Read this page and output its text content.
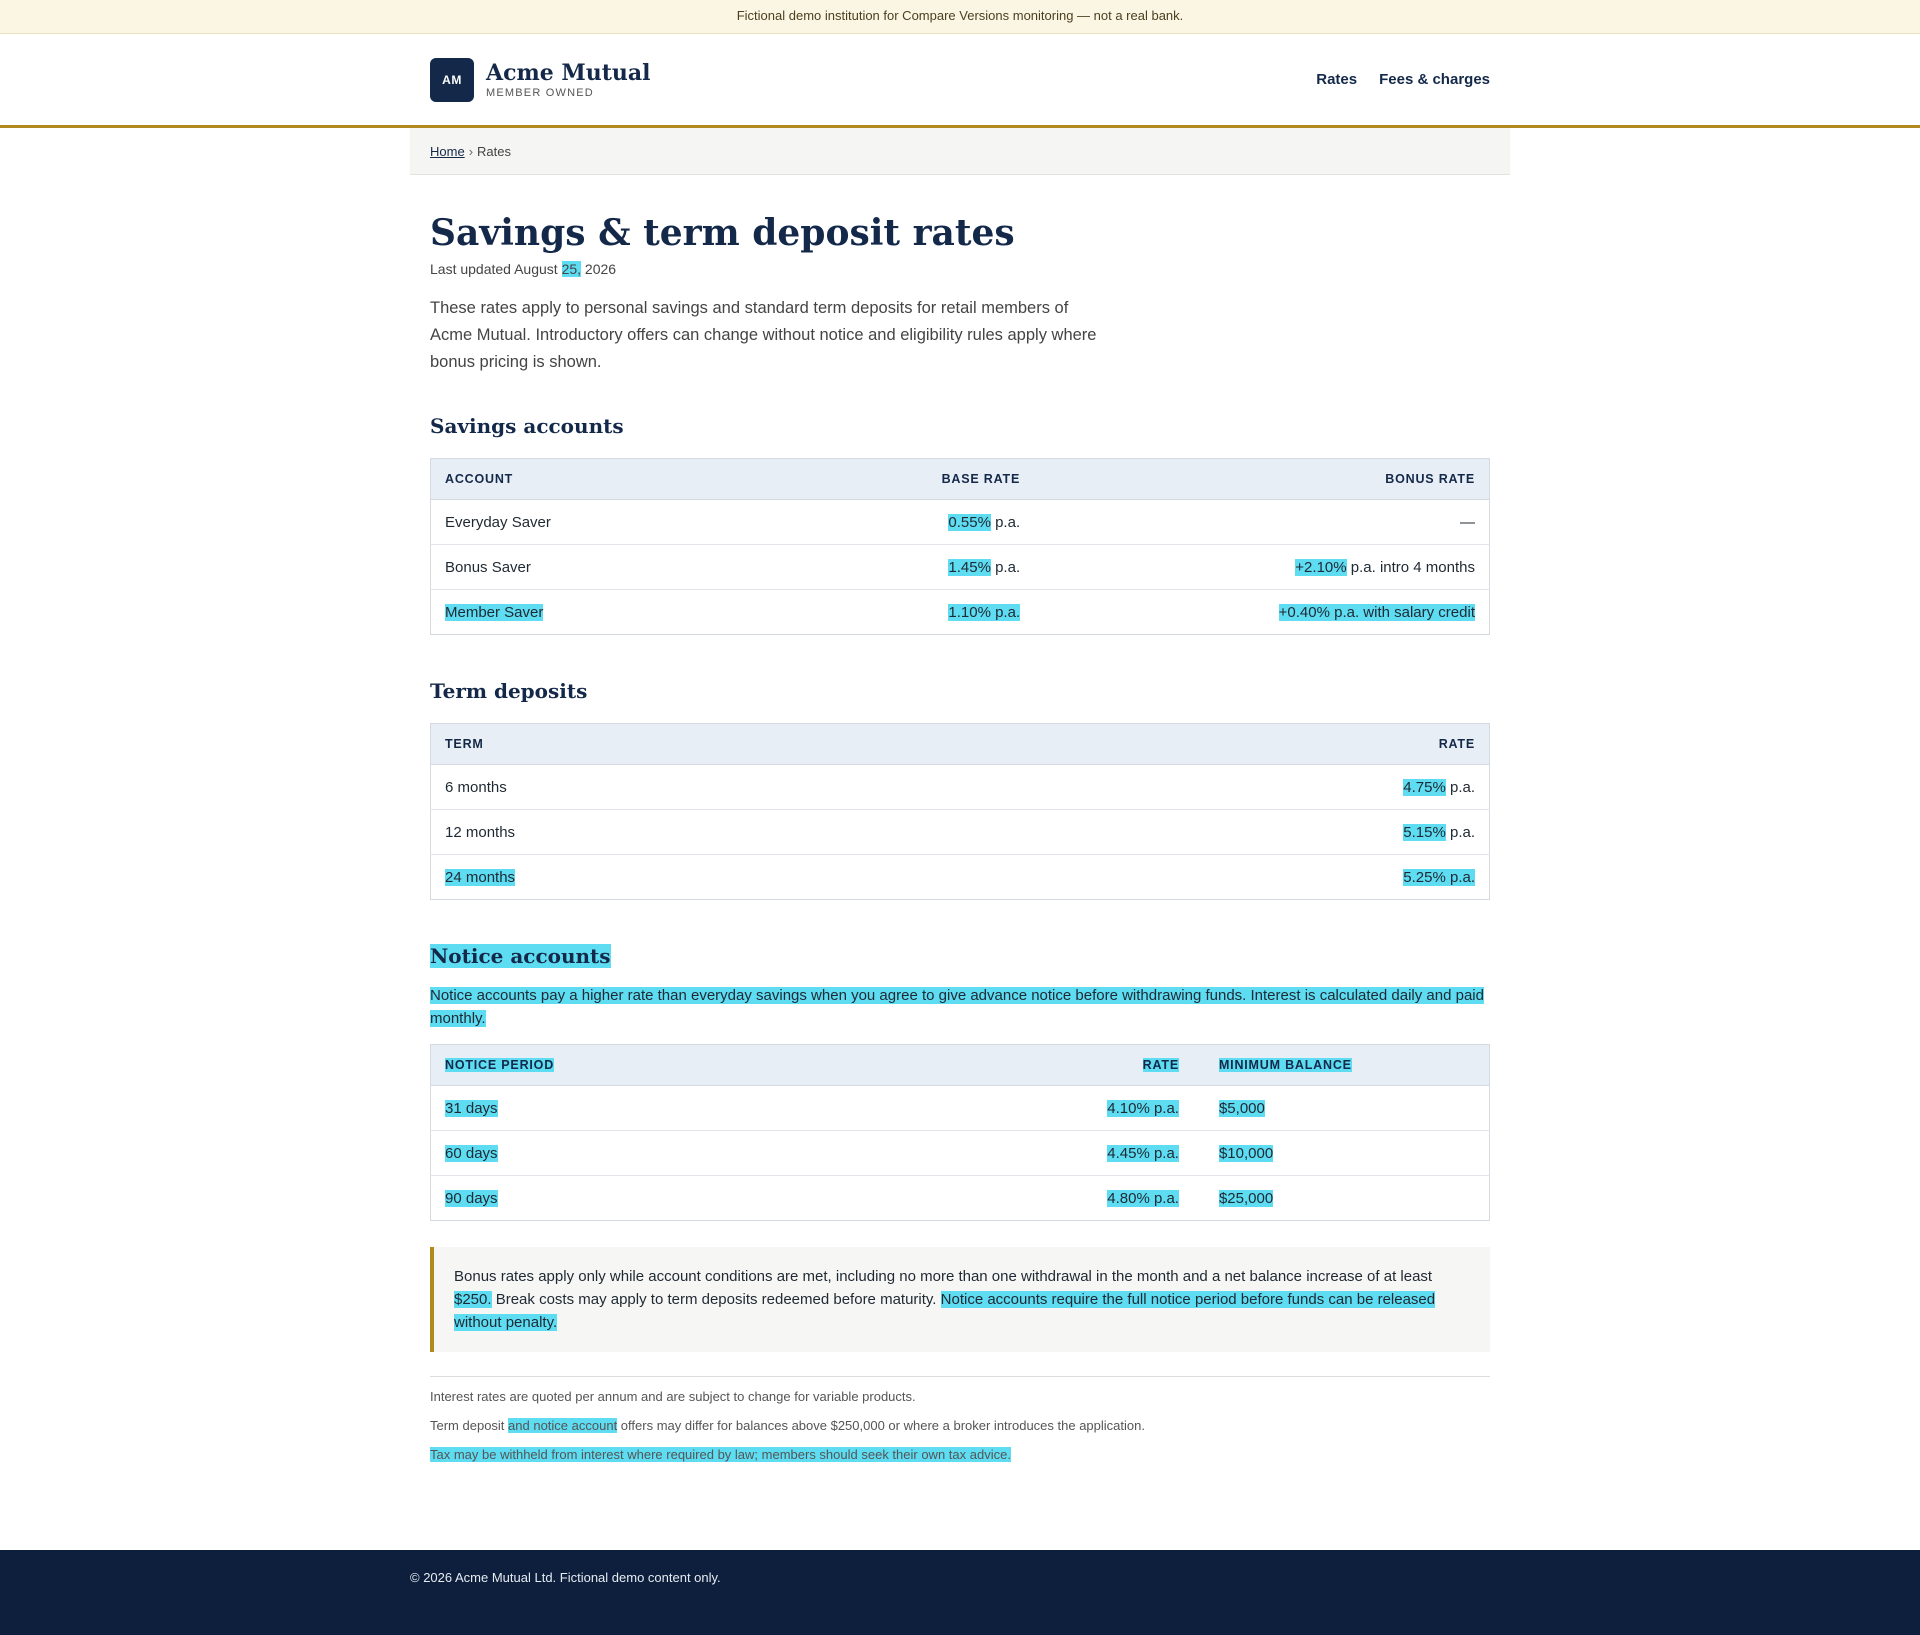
Fictional demo institution for Compare Versions monitoring — not a real bank.
AM	Acme Mutual
MEMBER OWNED
Rates Fees & charges
Home › Rates
Savings & term deposit rates
Last updated August 25, 2026

These rates apply to personal savings and standard term deposits for retail members of Acme Mutual. Introductory offers can change without notice and eligibility rules apply where bonus pricing is shown.

Savings accounts
ACCOUNT	BASE RATE	BONUS RATE
Everyday Saver	0.55% p.a.	—
Bonus Saver	1.45% p.a.	+2.10% p.a. intro 4 months
Member Saver	1.10% p.a.	+0.40% p.a. with salary credit
Term deposits
TERM	RATE
6 months	4.75% p.a.
12 months	5.15% p.a.
24 months	5.25% p.a.
Notice accounts

Notice accounts pay a higher rate than everyday savings when you agree to give advance notice before withdrawing funds. Interest is calculated daily and paid monthly.

NOTICE PERIOD	RATE	MINIMUM BALANCE
31 days	4.10% p.a.	$5,000
60 days	4.45% p.a.	$10,000
90 days	4.80% p.a.	$25,000
Bonus rates apply only while account conditions are met, including no more than one withdrawal in the month and a net balance increase of at least $250. Break costs may apply to term deposits redeemed before maturity. Notice accounts require the full notice period before funds can be released without penalty.

Interest rates are quoted per annum and are subject to change for variable products.

Term deposit and notice account offers may differ for balances above $250,000 or where a broker introduces the application.

Tax may be withheld from interest where required by law; members should seek their own tax advice.

© 2026 Acme Mutual Ltd. Fictional demo content only.
